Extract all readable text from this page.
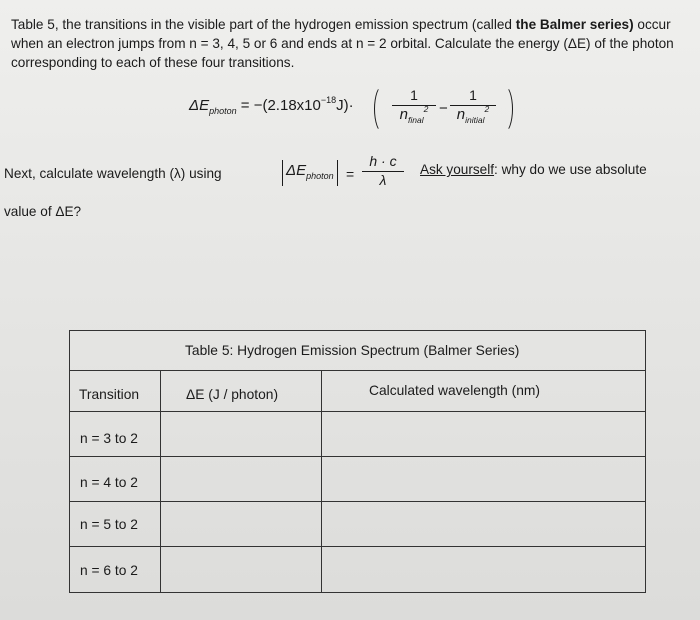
Table 5, the transitions in the visible part of the hydrogen emission spectrum (called the Balmer series) occur when an electron jumps from n = 3, 4, 5 or 6 and ends at n = 2 orbital. Calculate the energy (ΔE) of the photon corresponding to each of these four transitions.
$\Delta E_{photon} = -(2.18x10^{-18}J)\cdot$
1
$n_{final}^2$ −
1
$n_{initial}^2$
Next, calculate wavelength (λ) using	$\Delta E_{photon}$ =
h · c
λ
Ask yourself: why do we use absolute
value of ΔE?
Table 5: Hydrogen Emission Spectrum (Balmer Series)
Transition	ΔE (J / photon)	Calculated wavelength (nm)
n = 3 to 2
n = 4 to 2
n = 5 to 2
n = 6 to 2
